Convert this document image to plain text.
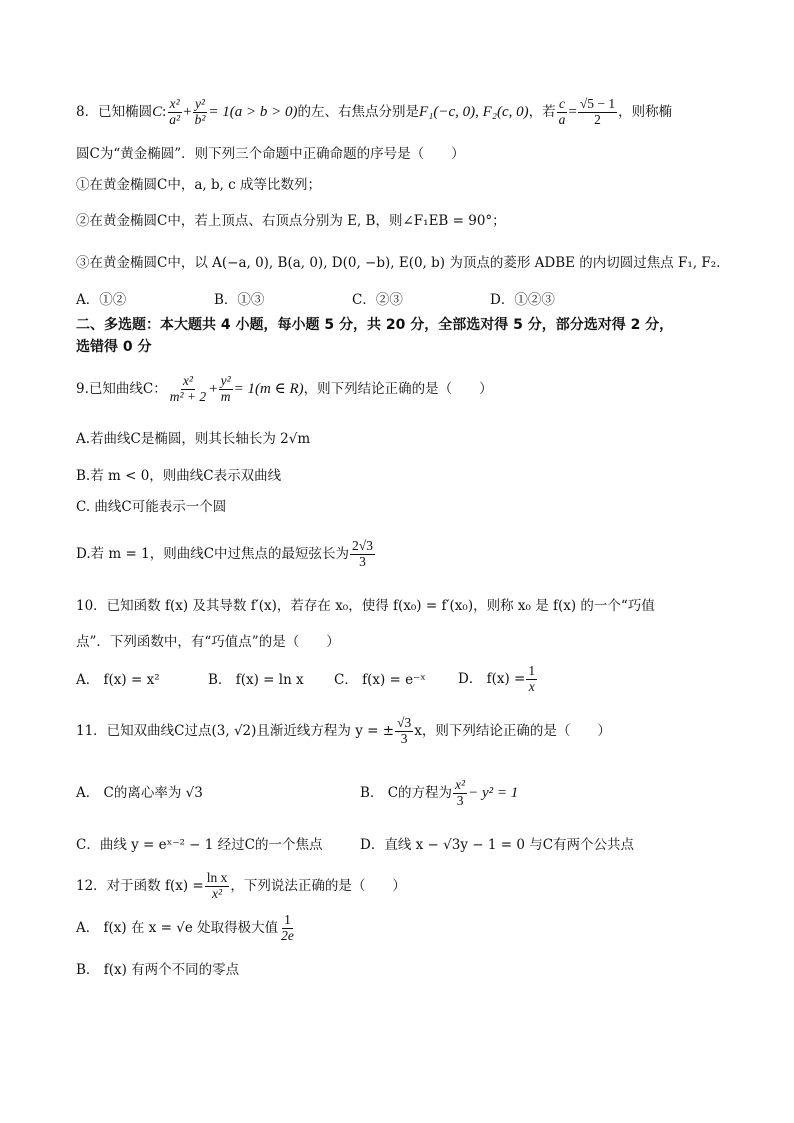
8．已知椭圆 C : $\frac{\text{x²}}{\text{a²}} + \frac{\text{y²}}{\text{b²}} = 1(a > b > 0)$ 的左、右焦点分别是 F₁(−c, 0), F₂(c, 0) ，若 $\frac{c}{a} = \frac{√5 - 1}{2}$ ，则称椭
圆C为“黄金椭圆”．则下列三个命题中正确命题的序号是（　　）
①在黄金椭圆C中，a, b, c 成等比数列；
②在黄金椭圆C中，若上顶点、右顶点分别为 E, B，则∠F₁EB = 90°；
③在黄金椭圆C中，以 A(−a, 0), B(a, 0), D(0, −b), E(0, b) 为顶点的菱形 ADBE 的内切圆过焦点 F₁, F₂．
A．①②	B．①③	C．②③	D．①②③
二、多选题：本大题共 4 小题，每小题 5 分，共 20 分，全部选对得 5 分，部分选对得 2 分，
选错得 0 分
9.已知曲线C： $\frac{\text{x²}}{\text{m² + 2}} + \frac{\text{y²}}{m} = 1(m$ ∈ R) ，则下列结论正确的是（　　）
A.若曲线C是椭圆，则其长轴长为 2√m
B.若 m < 0，则曲线C表示双曲线
C. 曲线C可能表示一个圆
D.若 m = 1，则曲线C中过焦点的最短弦长为 $\frac{2√3}{3}$
10．已知函数 f(x) 及其导数 f′(x)，若存在 x₀，使得 f(x₀) = f′(x₀)，则称 x₀ 是 f(x) 的一个“巧值
点”．下列函数中，有“巧值点”的是（　　）
A． f(x) = x²	B． f(x) = ln x C． f(x) = e⁻ˣ D． $f(x) = \frac{1}{x}$
11．已知双曲线C过点(3, √2)且渐近线方程为 y = ± $\frac{√3}{3}$ x，则下列结论正确的是（　　）
A． C的离心率为 √3	B． C的方程为 $\frac{\text{x²}}{3} - y^2 = 1$
C．曲线 y = eˣ⁻² − 1 经过C的一个焦点	D．直线 x − √3y − 1 = 0 与C有两个公共点
12．对于函数 $f(x) = \frac{\text{ln x}}{\text{x²}}$ ，下列说法正确的是（　　）
A． f(x) 在 x = √e 处取得极大值 $\frac{1}{2e}$
B． f(x) 有两个不同的零点
